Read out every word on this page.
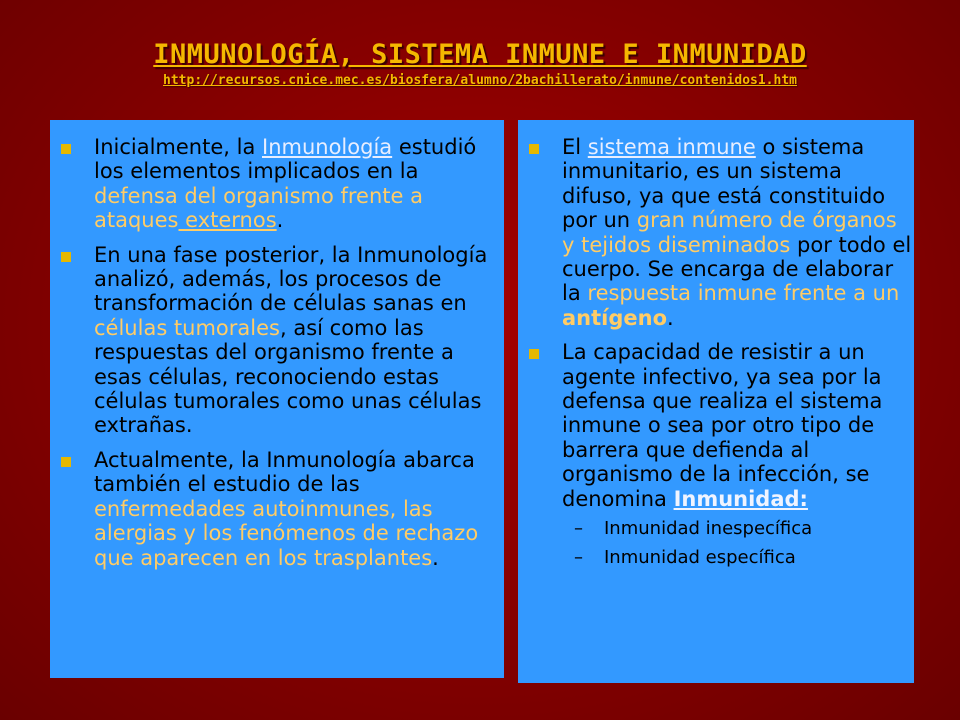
INMUNOLOGÍA, SISTEMA INMUNE E INMUNIDAD
http://recursos.cnice.mec.es/biosfera/alumno/2bachillerato/inmune/contenidos1.htm
Inicialmente, la Inmunología estudió los elementos implicados en la defensa del organismo frente a ataques externos.
En una fase posterior, la Inmunología analizó, además, los procesos de transformación de células sanas en células tumorales, así como las respuestas del organismo frente a esas células, reconociendo estas células tumorales como unas células extrañas.
Actualmente, la Inmunología abarca también el estudio de las enfermedades autoinmunes, las alergias y los fenómenos de rechazo que aparecen en los trasplantes.
El sistema inmune o sistema inmunitario, es un sistema difuso, ya que está constituido por un gran número de órganos y tejidos diseminados por todo el cuerpo. Se encarga de elaborar la respuesta inmune frente a un antígeno.
La capacidad de resistir a un agente infectivo, ya sea por la defensa que realiza el sistema inmune o sea por otro tipo de barrera que defienda al organismo de la infección, se denomina Inmunidad:
– Inmunidad inespecífica
– Inmunidad específica
